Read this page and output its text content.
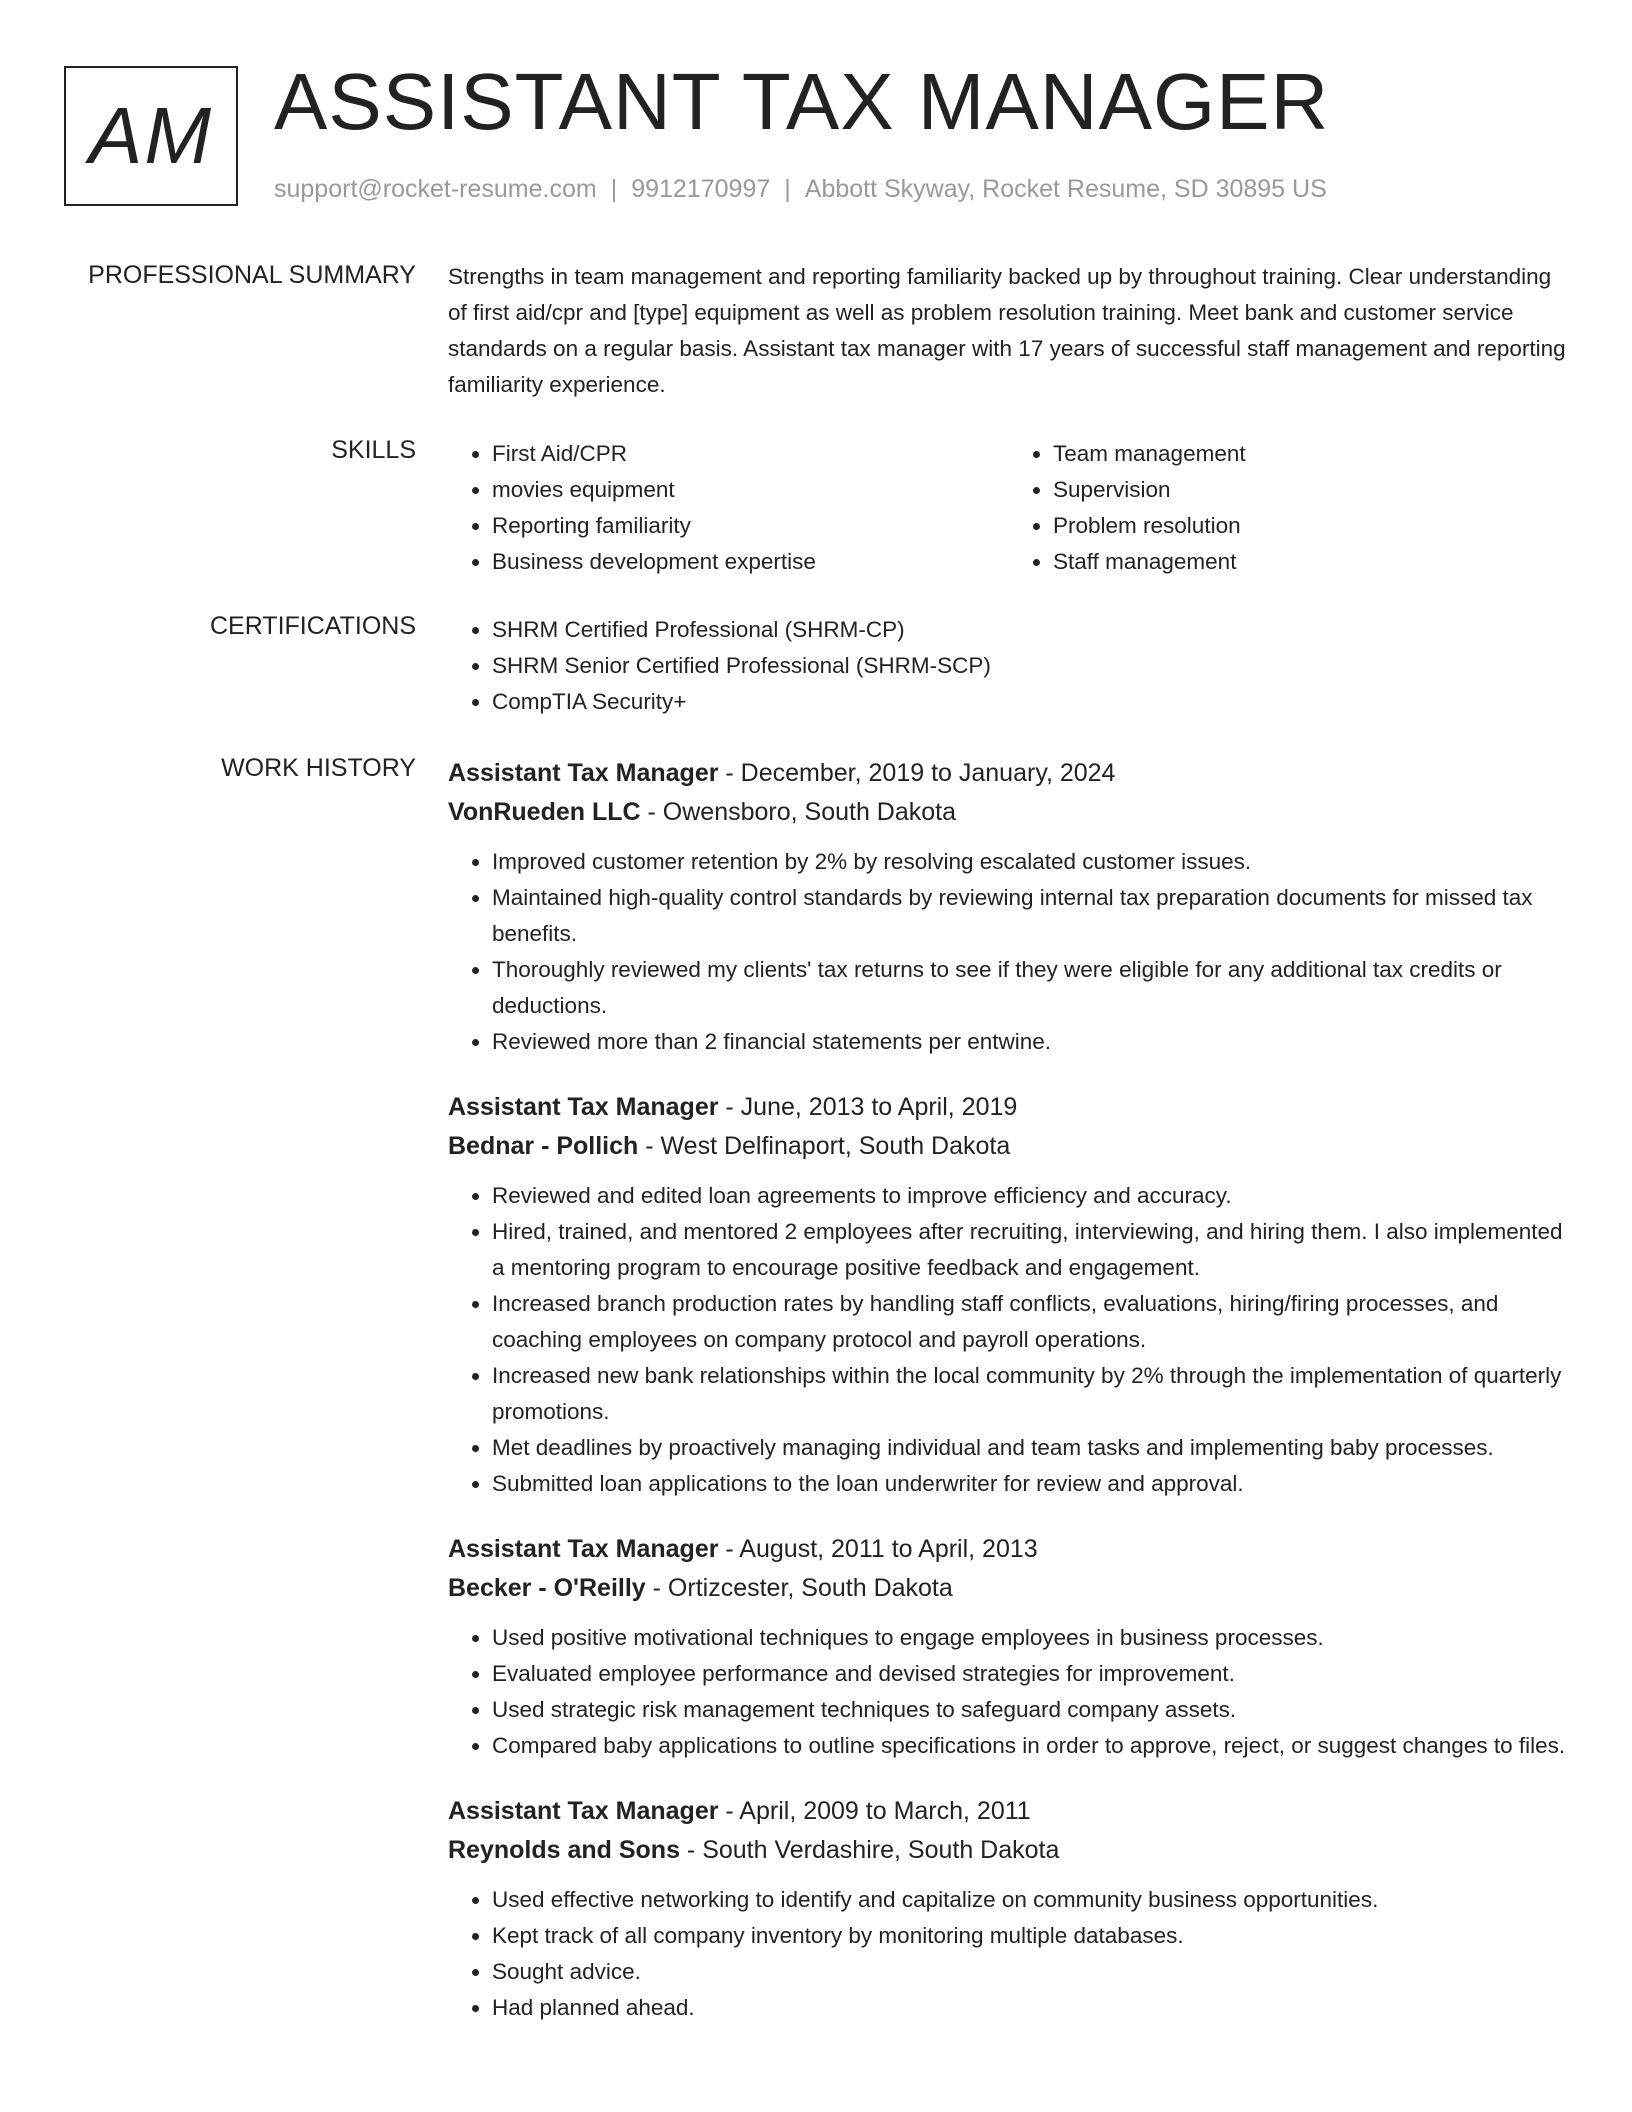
AM ASSISTANT TAX MANAGER
support@rocket-resume.com | 9912170997 | Abbott Skyway, Rocket Resume, SD 30895 US
PROFESSIONAL SUMMARY Strengths in team management and reporting familiarity backed up by throughout training. Clear understanding of first aid/cpr and [type] equipment as well as problem resolution training. Meet bank and customer service standards on a regular basis. Assistant tax manager with 17 years of successful staff management and reporting familiarity experience.

SKILLS	• First Aid/CPR
• movies equipment
• Reporting familiarity
• Business development expertise
• Team management
• Supervision
• Problem resolution
• Staff management
CERTIFICATIONS	• SHRM Certified Professional (SHRM-CP)
• SHRM Senior Certified Professional (SHRM-SCP)
• CompTIA Security+
WORK HISTORY Assistant Tax Manager - December, 2019 to January, 2024
VonRueden LLC - Owensboro, South Dakota
• Improved customer retention by 2% by resolving escalated customer issues.
• Maintained high-quality control standards by reviewing internal tax preparation documents for missed tax benefits.
• Thoroughly reviewed my clients' tax returns to see if they were eligible for any additional tax credits or deductions.
• Reviewed more than 2 financial statements per entwine.
Assistant Tax Manager - June, 2013 to April, 2019
Bednar - Pollich - West Delfinaport, South Dakota
• Reviewed and edited loan agreements to improve efficiency and accuracy.
• Hired, trained, and mentored 2 employees after recruiting, interviewing, and hiring them. I also implemented a mentoring program to encourage positive feedback and engagement.
• Increased branch production rates by handling staff conflicts, evaluations, hiring/firing processes, and coaching employees on company protocol and payroll operations.
• Increased new bank relationships within the local community by 2% through the implementation of quarterly promotions.
• Met deadlines by proactively managing individual and team tasks and implementing baby processes.
• Submitted loan applications to the loan underwriter for review and approval.
Assistant Tax Manager - August, 2011 to April, 2013
Becker - O'Reilly - Ortizcester, South Dakota
• Used positive motivational techniques to engage employees in business processes.
• Evaluated employee performance and devised strategies for improvement.
• Used strategic risk management techniques to safeguard company assets.
• Compared baby applications to outline specifications in order to approve, reject, or suggest changes to files.
Assistant Tax Manager - April, 2009 to March, 2011
Reynolds and Sons - South Verdashire, South Dakota
• Used effective networking to identify and capitalize on community business opportunities.
• Kept track of all company inventory by monitoring multiple databases.
• Sought advice.
• Had planned ahead.
